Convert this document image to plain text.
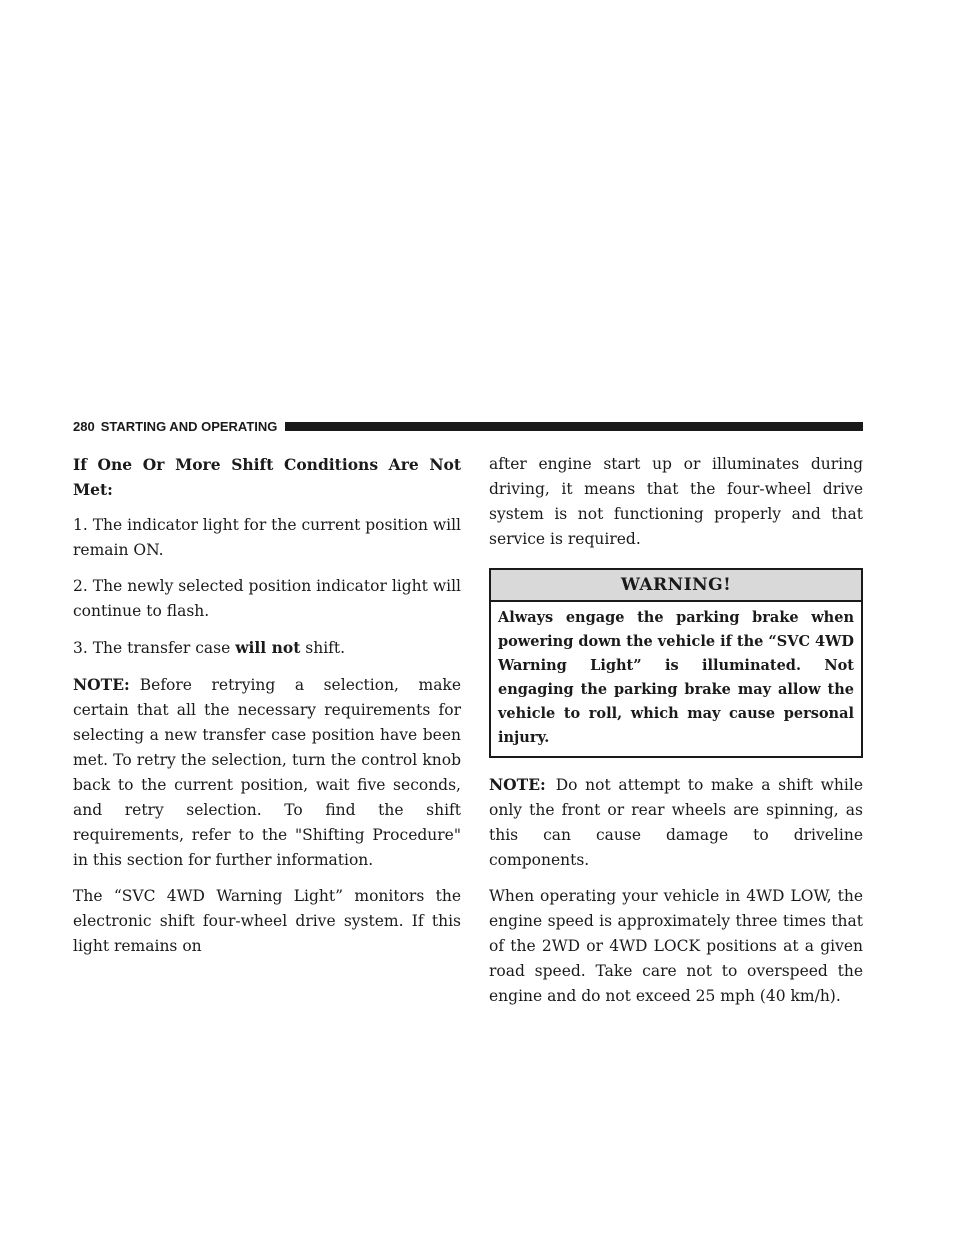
280 STARTING AND OPERATING

If One Or More Shift Conditions Are Not Met:

1. The indicator light for the current position will remain ON.

2. The newly selected position indicator light will continue to flash.

3. The transfer case will not shift.

NOTE: Before retrying a selection, make certain that all the necessary requirements for selecting a new transfer case position have been met. To retry the selection, turn the control knob back to the current position, wait five seconds, and retry selection. To find the shift requirements, refer to the "Shifting Procedure" in this section for further information.

The “SVC 4WD Warning Light” monitors the electronic shift four-wheel drive system. If this light remains on

after engine start up or illuminates during driving, it means that the four-wheel drive system is not functioning properly and that service is required.

WARNING!
Always engage the parking brake when powering down the vehicle if the “SVC 4WD Warning Light” is illuminated. Not engaging the parking brake may allow the vehicle to roll, which may cause personal injury.

NOTE: Do not attempt to make a shift while only the front or rear wheels are spinning, as this can cause damage to driveline components.

When operating your vehicle in 4WD LOW, the engine speed is approximately three times that of the 2WD or 4WD LOCK positions at a given road speed. Take care not to overspeed the engine and do not exceed 25 mph (40 km/h).
